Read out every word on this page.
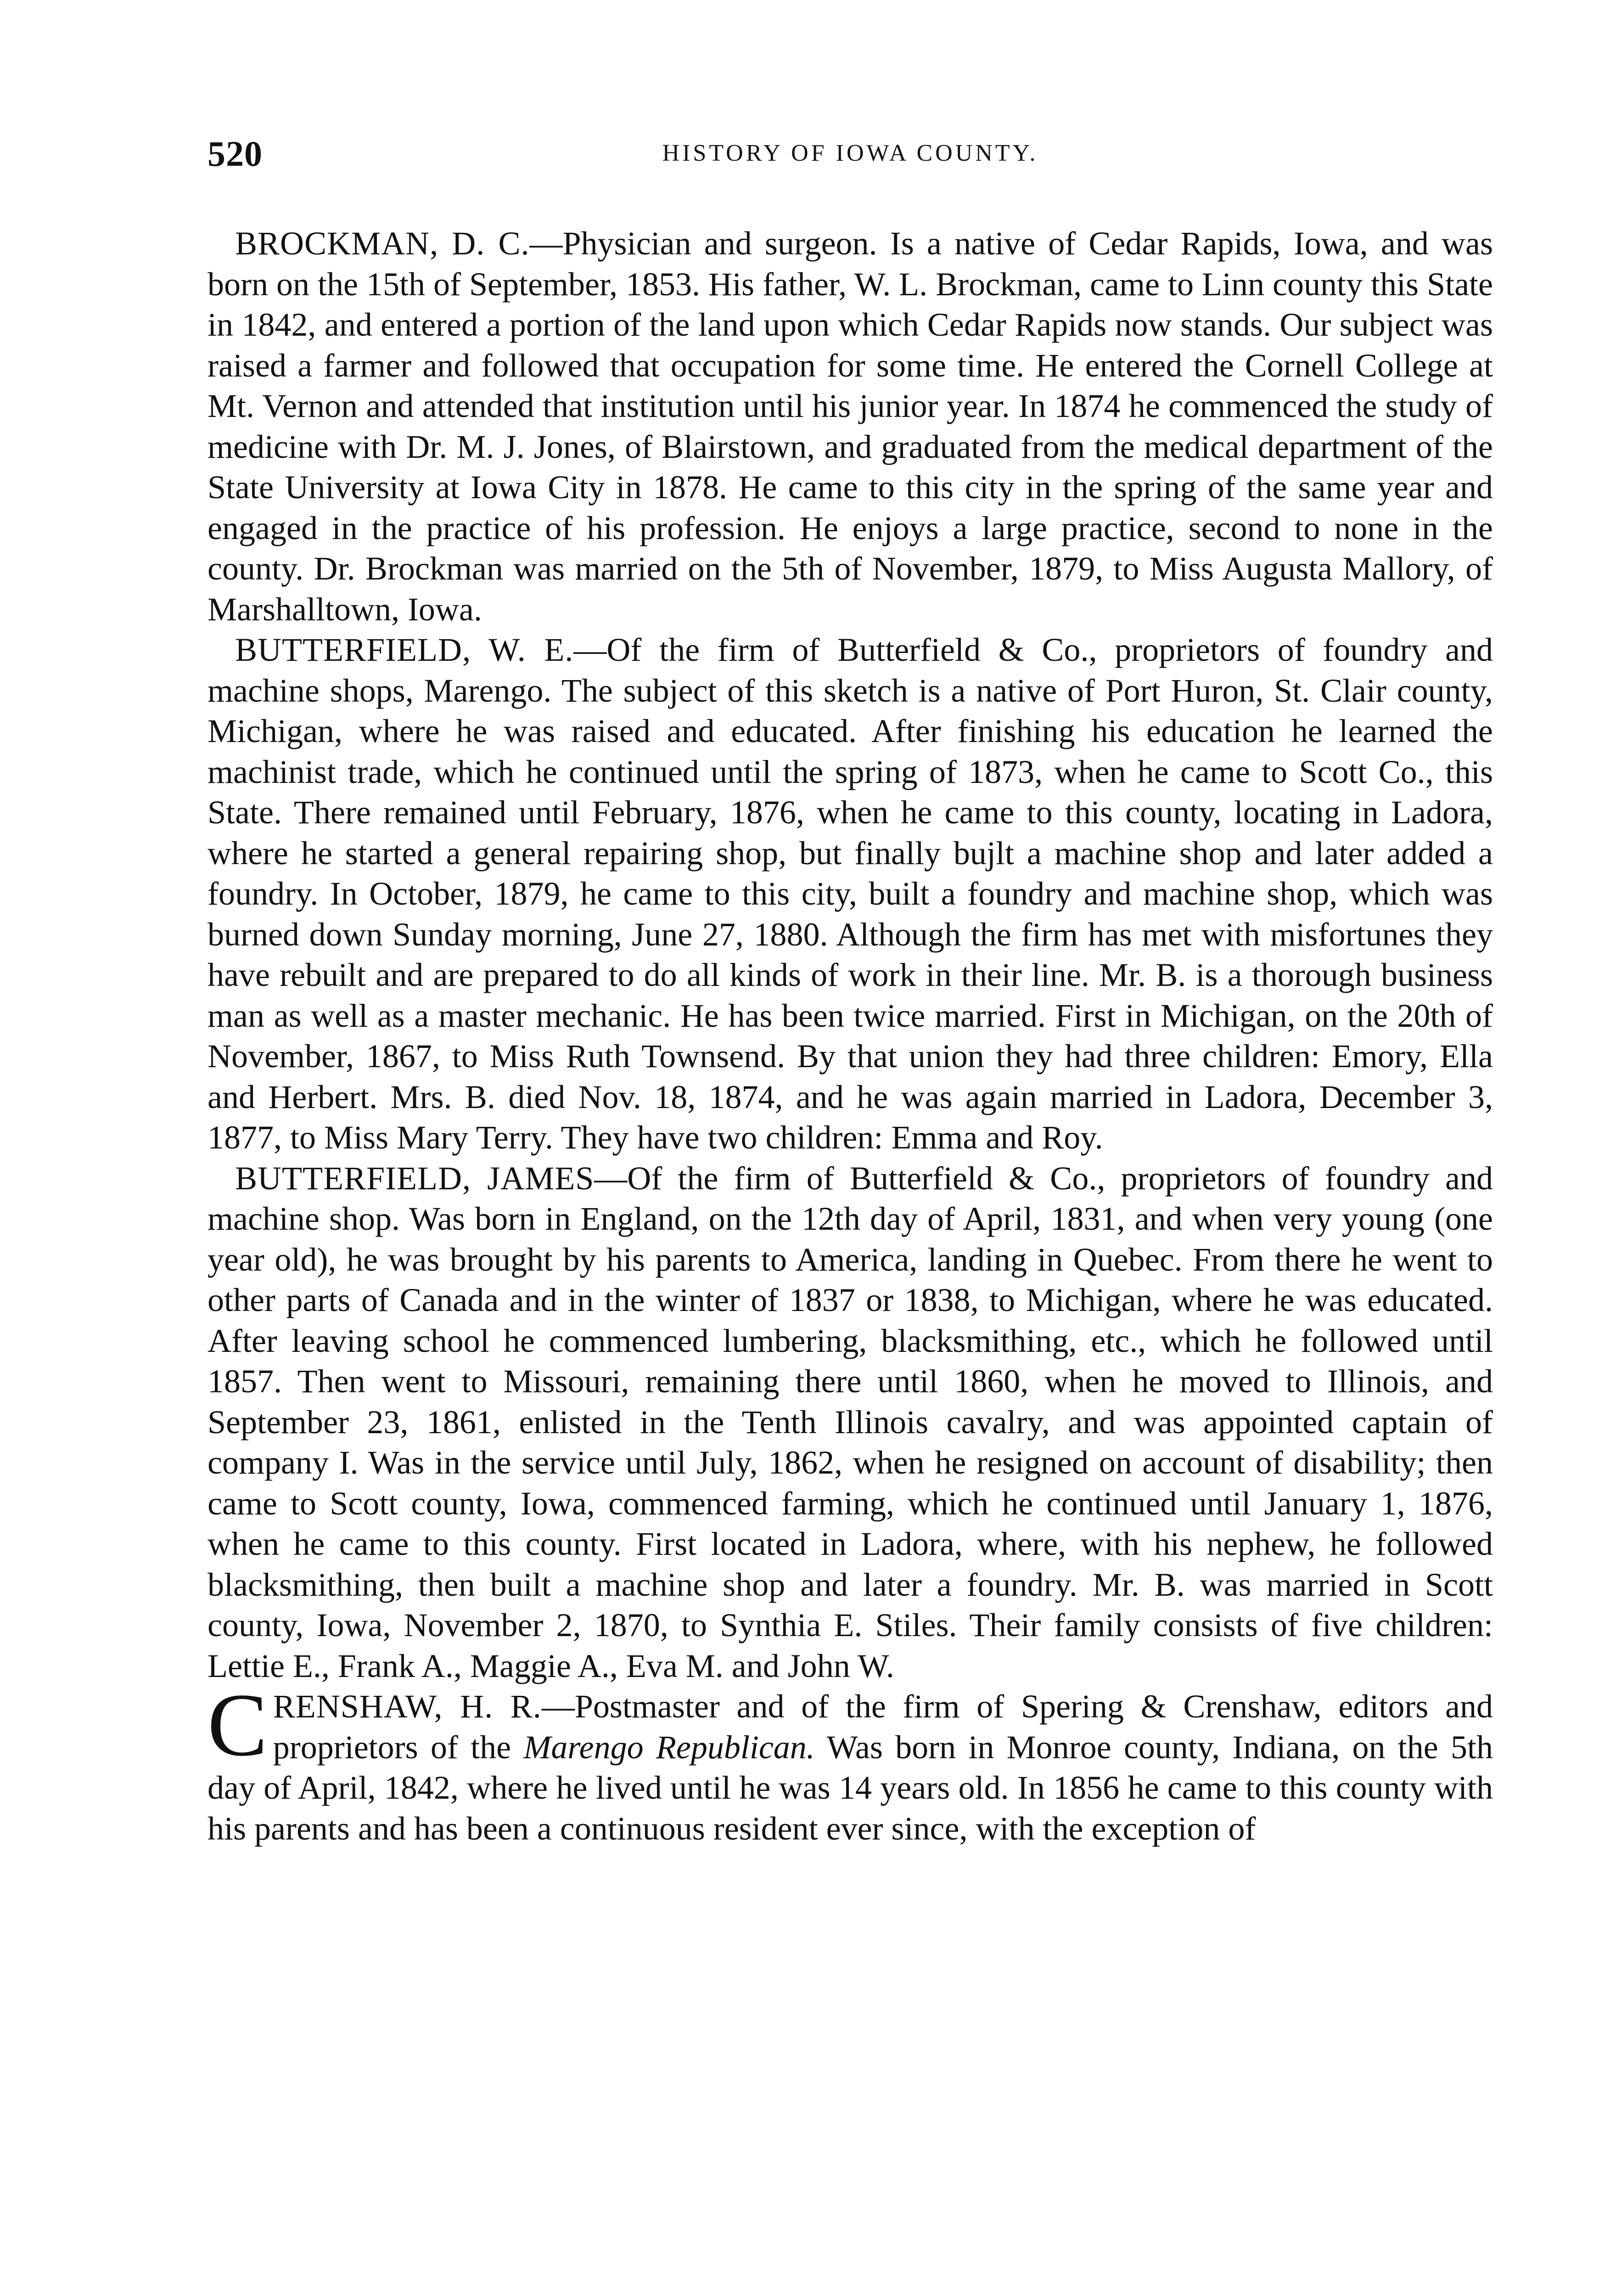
520	HISTORY OF IOWA COUNTY.

BROCKMAN, D. C.—Physician and surgeon. Is a native of Cedar Rapids, Iowa, and was born on the 15th of September, 1853. His father, W. L. Brockman, came to Linn county this State in 1842, and entered a portion of the land upon which Cedar Rapids now stands. Our subject was raised a farmer and followed that occupation for some time. He entered the Cornell College at Mt. Vernon and attended that institution until his junior year. In 1874 he commenced the study of medicine with Dr. M. J. Jones, of Blairstown, and graduated from the medical department of the State University at Iowa City in 1878. He came to this city in the spring of the same year and engaged in the practice of his profession. He enjoys a large practice, second to none in the county. Dr. Brockman was married on the 5th of November, 1879, to Miss Augusta Mallory, of Marshalltown, Iowa.

BUTTERFIELD, W. E.—Of the firm of Butterfield & Co., proprietors of foundry and machine shops, Marengo. The subject of this sketch is a native of Port Huron, St. Clair county, Michigan, where he was raised and educated. After finishing his education he learned the machinist trade, which he continued until the spring of 1873, when he came to Scott Co., this State. There remained until February, 1876, when he came to this county, locating in Ladora, where he started a general repairing shop, but finally bujlt a machine shop and later added a foundry. In October, 1879, he came to this city, built a foundry and machine shop, which was burned down Sunday morning, June 27, 1880. Although the firm has met with misfortunes they have rebuilt and are prepared to do all kinds of work in their line. Mr. B. is a thorough business man as well as a master mechanic. He has been twice married. First in Michigan, on the 20th of November, 1867, to Miss Ruth Townsend. By that union they had three children: Emory, Ella and Herbert. Mrs. B. died Nov. 18, 1874, and he was again married in Ladora, December 3, 1877, to Miss Mary Terry. They have two children: Emma and Roy.

BUTTERFIELD, JAMES—Of the firm of Butterfield & Co., proprietors of foundry and machine shop. Was born in England, on the 12th day of April, 1831, and when very young (one year old), he was brought by his parents to America, landing in Quebec. From there he went to other parts of Canada and in the winter of 1837 or 1838, to Michigan, where he was educated. After leaving school he commenced lumbering, blacksmithing, etc., which he followed until 1857. Then went to Missouri, remaining there until 1860, when he moved to Illinois, and September 23, 1861, enlisted in the Tenth Illinois cavalry, and was appointed captain of company I. Was in the service until July, 1862, when he resigned on account of disability; then came to Scott county, Iowa, commenced farming, which he continued until January 1, 1876, when he came to this county. First located in Ladora, where, with his nephew, he followed blacksmithing, then built a machine shop and later a foundry. Mr. B. was married in Scott county, Iowa, November 2, 1870, to Synthia E. Stiles. Their family consists of five children: Lettie E., Frank A., Maggie A., Eva M. and John W.

CRENSHAW, H. R.—Postmaster and of the firm of Spering & Crenshaw, editors and proprietors of the Marengo Republican. Was born in Monroe county, Indiana, on the 5th day of April, 1842, where he lived until he was 14 years old. In 1856 he came to this county with his parents and has been a continuous resident ever since, with the exception of
